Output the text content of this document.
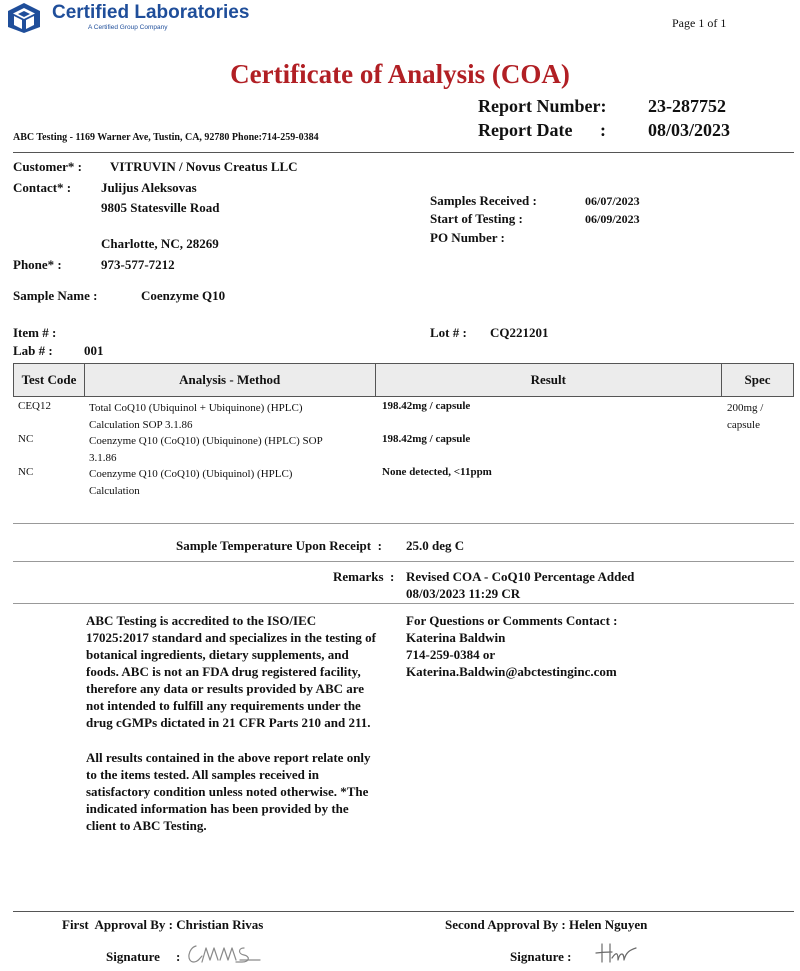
Certified Laboratories
A Certified Group Company	Page 1 of 1
Certificate of Analysis (COA)
Report Number: 23-287752
Report Date : 08/03/2023
ABC Testing - 1169 Warner Ave, Tustin, CA, 92780 Phone:714-259-0384
Customer* : VITRUVIN / Novus Creatus LLC
Contact* : Julijus Aleksovas
9805 Statesville Road
Charlotte, NC, 28269
Phone* :	973-577-7212
Samples Received :	06/07/2023
Start of Testing :	06/09/2023
PO Number :
Sample Name :	Coenzyme Q10
Item # :
Lab # : 001
Lot # : CQ221201
Test Code	Analysis - Method	Result	Spec
CEQ12	Total CoQ10 (Ubiquinol + Ubiquinone) (HPLC)
Calculation SOP 3.1.86
198.42mg / capsule	200mg /
capsule
NC	Coenzyme Q10 (CoQ10) (Ubiquinone) (HPLC) SOP
3.1.86
198.42mg / capsule
NC	Coenzyme Q10 (CoQ10) (Ubiquinol) (HPLC)
Calculation
None detected, <11ppm
Sample Temperature Upon Receipt  : 25.0 deg C
Remarks  : Revised COA - CoQ10 Percentage Added
08/03/2023 11:29 CR
ABC Testing is accredited to the ISO/IEC
17025:2017 standard and specializes in the testing of
botanical ingredients, dietary supplements, and
foods. ABC is not an FDA drug registered facility,
therefore any data or results provided by ABC are
not intended to fulfill any requirements under the
drug cGMPs dictated in 21 CFR Parts 210 and 211.
All results contained in the above report relate only
to the items tested. All samples received in
satisfactory condition unless noted otherwise. *The
indicated information has been provided by the
client to ABC Testing.
For Questions or Comments Contact :
Katerina Baldwin
714-259-0384 or
Katerina.Baldwin@abctestinginc.com
First  Approval By : Christian Rivas	Second Approval By : Helen Nguyen
Signature :	Signature :
